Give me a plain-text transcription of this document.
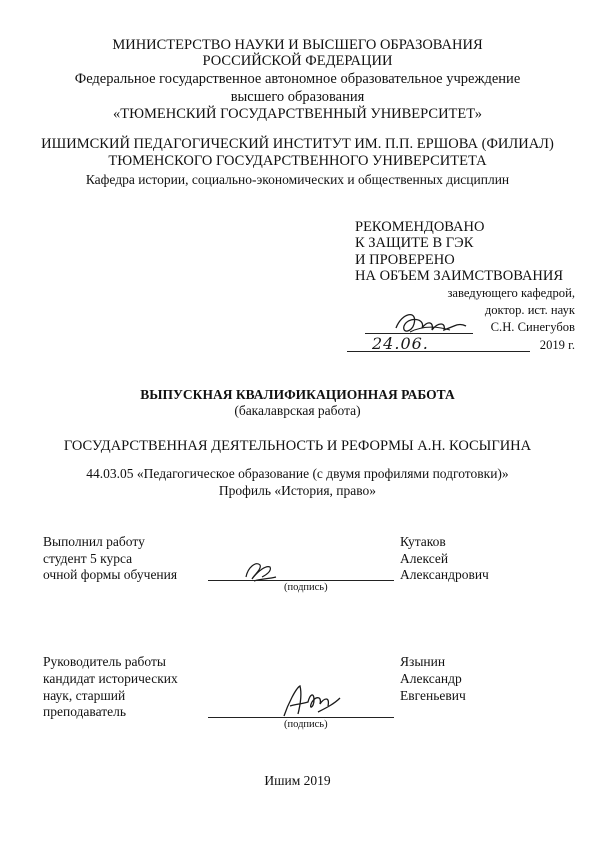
МИНИСТЕРСТВО НАУКИ И ВЫСШЕГО ОБРАЗОВАНИЯ
РОССИЙСКОЙ ФЕДЕРАЦИИ
Федеральное государственное автономное образовательное учреждение
высшего образования
«ТЮМЕНСКИЙ ГОСУДАРСТВЕННЫЙ УНИВЕРСИТЕТ»
ИШИМСКИЙ ПЕДАГОГИЧЕСКИЙ ИНСТИТУТ ИМ. П.П. ЕРШОВА (ФИЛИАЛ)
ТЮМЕНСКОГО ГОСУДАРСТВЕННОГО УНИВЕРСИТЕТА
Кафедра истории, социально-экономических и общественных дисциплин
РЕКОМЕНДОВАНО
К ЗАЩИТЕ В ГЭК
И ПРОВЕРЕНО
НА ОБЪЕМ ЗАИМСТВОВАНИЯ
заведующего кафедрой,
доктор. ист. наук
С.Н. Синегубов
24.06.	2019 г.
ВЫПУСКНАЯ КВАЛИФИКАЦИОННАЯ РАБОТА
(бакалаврская работа)
ГОСУДАРСТВЕННАЯ ДЕЯТЕЛЬНОСТЬ И РЕФОРМЫ А.Н. КОСЫГИНА
44.03.05 «Педагогическое образование (с двумя профилями подготовки)»
Профиль «История, право»
Выполнил работу
студент 5 курса
очной формы обучения
(подпись)
Кутаков
Алексей
Александрович
Руководитель работы
кандидат исторических
наук, старший
преподаватель
(подпись)
Язынин
Александр
Евгеньевич
Ишим 2019
